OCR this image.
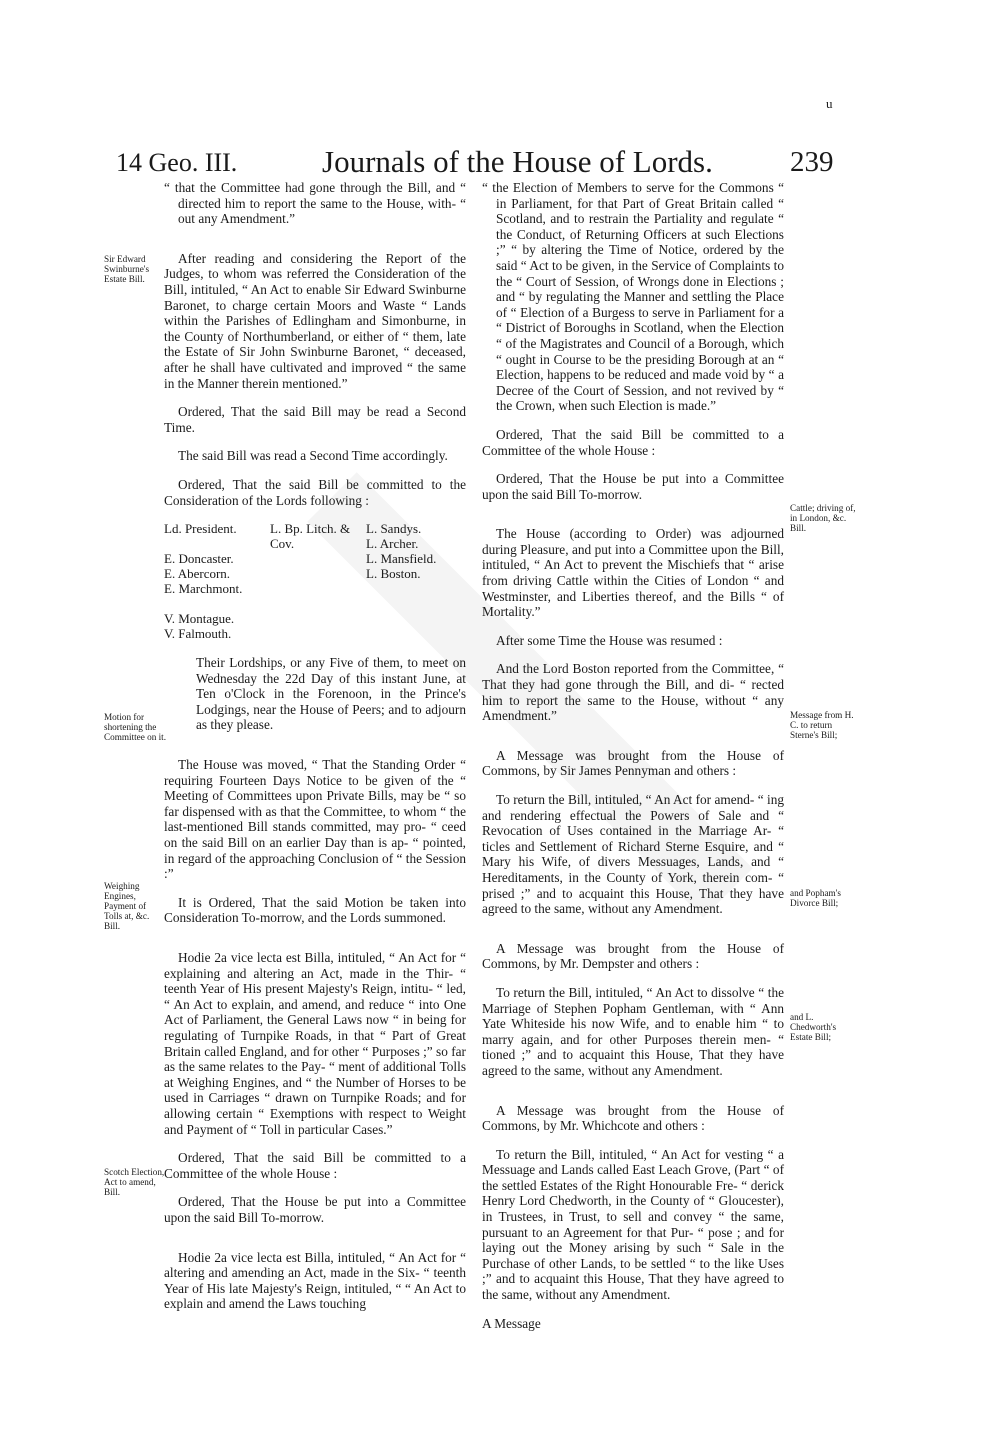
u
14 Geo. III.	Journals of the House of Lords.	239
Sir Edward Swinburne's Estate Bill.
Motion for shortening the Committee on it.
Weighing Engines, Payment of Tolls at, &c. Bill.
Scotch Election, Act to amend, Bill.
Cattle; driving of, in London, &c. Bill.
Message from H. C. to return Sterne's Bill;
and Popham's Divorce Bill;
and L. Chedworth's Estate Bill;

“ that the Committee had gone through the Bill, and “ directed him to report the same to the House, with- “ out any Amendment.”

After reading and considering the Report of the Judges, to whom was referred the Consideration of the Bill, intituled, “ An Act to enable Sir Edward Swinburne Baronet, to charge certain Moors and Waste “ Lands within the Parishes of Edlingham and Simonburne, in the County of Northumberland, or either of “ them, late the Estate of Sir John Swinburne Baronet, “ deceased, after he shall have cultivated and improved “ the same in the Manner therein mentioned.”

Ordered, That the said Bill may be read a Second Time.

The said Bill was read a Second Time accordingly.

Ordered, That the said Bill be committed to the Consideration of the Lords following :

Ld. President.

E. Doncaster.
E. Abercorn.
E. Marchmont.

V. Montague.
V. Falmouth.
L. Bp. Litch. & Cov.
L. Sandys.
L. Archer.
L. Mansfield.
L. Boston.

Their Lordships, or any Five of them, to meet on Wednesday the 22d Day of this instant June, at Ten o'Clock in the Forenoon, in the Prince's Lodgings, near the House of Peers; and to adjourn as they please.

The House was moved, “ That the Standing Order “ requiring Fourteen Days Notice to be given of the “ Meeting of Committees upon Private Bills, may be “ so far dispensed with as that the Committee, to whom “ the last-mentioned Bill stands committed, may pro- “ ceed on the said Bill on an earlier Day than is ap- “ pointed, in regard of the approaching Conclusion of “ the Session :”

It is Ordered, That the said Motion be taken into Consideration To-morrow, and the Lords summoned.

Hodie 2a vice lecta est Billa, intituled, “ An Act for “ explaining and altering an Act, made in the Thir- “ teenth Year of His present Majesty's Reign, intitu- “ led, “ An Act to explain, and amend, and reduce “ into One Act of Parliament, the General Laws now “ in being for regulating of Turnpike Roads, in that “ Part of Great Britain called England, and for other “ Purposes ;” so far as the same relates to the Pay- “ ment of additional Tolls at Weighing Engines, and “ the Number of Horses to be used in Carriages “ drawn on Turnpike Roads; and for allowing certain “ Exemptions with respect to Weight and Payment of “ Toll in particular Cases.”

Ordered, That the said Bill be committed to a Committee of the whole House :

Ordered, That the House be put into a Committee upon the said Bill To-morrow.

Hodie 2a vice lecta est Billa, intituled, “ An Act for “ altering and amending an Act, made in the Six- “ teenth Year of His late Majesty's Reign, intituled, “ “ An Act to explain and amend the Laws touching

“ the Election of Members to serve for the Commons “ in Parliament, for that Part of Great Britain called “ Scotland, and to restrain the Partiality and regulate “ the Conduct, of Returning Officers at such Elections ;” “ by altering the Time of Notice, ordered by the said “ Act to be given, in the Service of Complaints to the “ Court of Session, of Wrongs done in Elections ; and “ by regulating the Manner and settling the Place of “ Election of a Burgess to serve in Parliament for a “ District of Boroughs in Scotland, when the Election “ of the Magistrates and Council of a Borough, which “ ought in Course to be the presiding Borough at an “ Election, happens to be reduced and made void by “ a Decree of the Court of Session, and not revived by “ the Crown, when such Election is made.”

Ordered, That the said Bill be committed to a Committee of the whole House :

Ordered, That the House be put into a Committee upon the said Bill To-morrow.

The House (according to Order) was adjourned during Pleasure, and put into a Committee upon the Bill, intituled, “ An Act to prevent the Mischiefs that “ arise from driving Cattle within the Cities of London “ and Westminster, and Liberties thereof, and the Bills “ of Mortality.”

After some Time the House was resumed :

And the Lord Boston reported from the Committee, “ That they had gone through the Bill, and di- “ rected him to report the same to the House, without “ any Amendment.”

A Message was brought from the House of Commons, by Sir James Pennyman and others :

To return the Bill, intituled, “ An Act for amend- “ ing and rendering effectual the Powers of Sale and “ Revocation of Uses contained in the Marriage Ar- “ ticles and Settlement of Richard Sterne Esquire, and “ Mary his Wife, of divers Messuages, Lands, and “ Hereditaments, in the County of York, therein com- “ prised ;” and to acquaint this House, That they have agreed to the same, without any Amendment.

A Message was brought from the House of Commons, by Mr. Dempster and others :

To return the Bill, intituled, “ An Act to dissolve “ the Marriage of Stephen Popham Gentleman, with “ Ann Yate Whiteside his now Wife, and to enable him “ to marry again, and for other Purposes therein men- “ tioned ;” and to acquaint this House, That they have agreed to the same, without any Amendment.

A Message was brought from the House of Commons, by Mr. Whichcote and others :

To return the Bill, intituled, “ An Act for vesting “ a Messuage and Lands called East Leach Grove, (Part “ of the settled Estates of the Right Honourable Fre- “ derick Henry Lord Chedworth, in the County of “ Gloucester), in Trustees, in Trust, to sell and convey “ the same, pursuant to an Agreement for that Pur- “ pose ; and for laying out the Money arising by such “ Sale in the Purchase of other Lands, to be settled “ to the like Uses ;” and to acquaint this House, That they have agreed to the same, without any Amendment.

A Message
